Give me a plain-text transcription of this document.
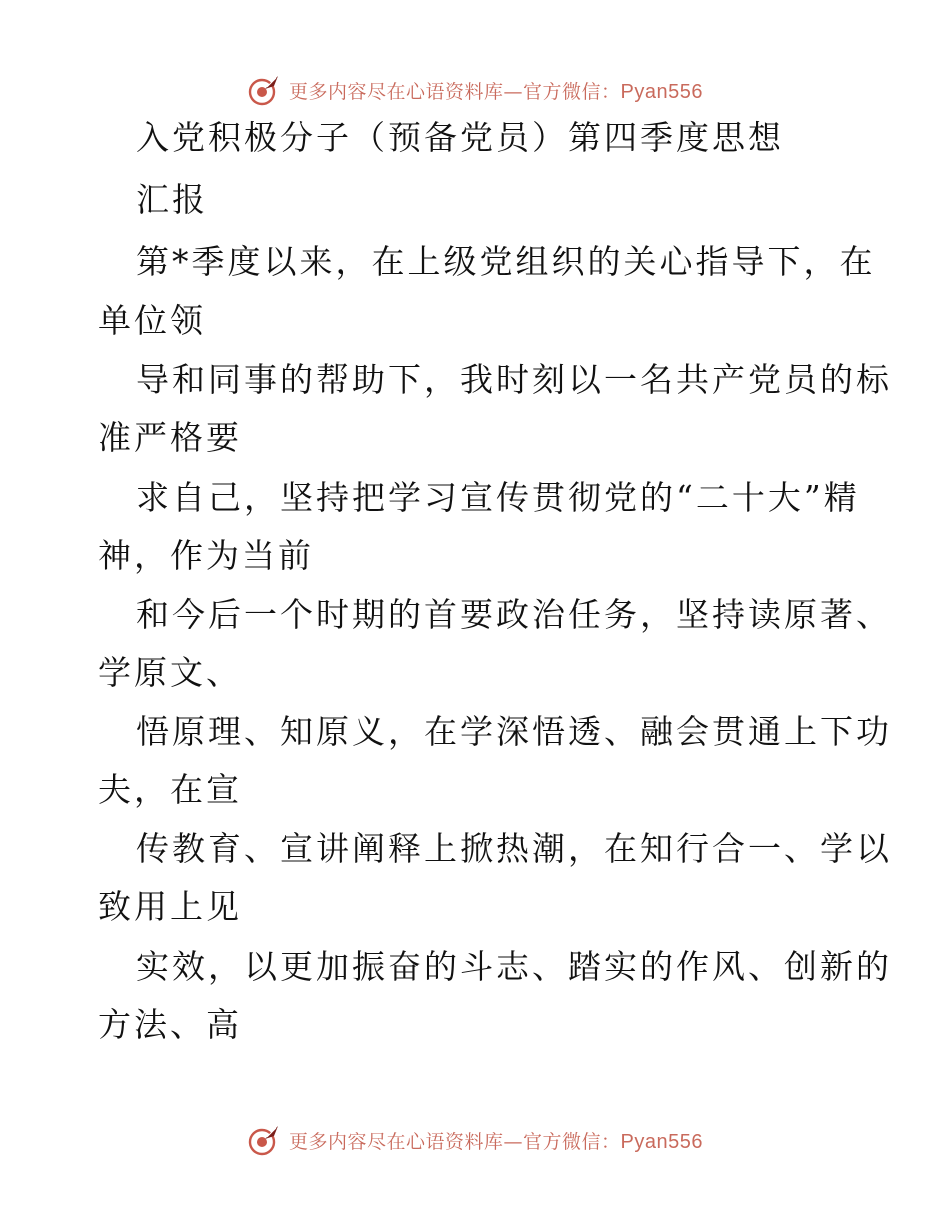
更多内容尽在心语资料库—官方微信：Pyan556
入党积极分子（预备党员）第四季度思想
汇报
第*季度以来，在上级党组织的关心指导下，在
单位领
导和同事的帮助下，我时刻以一名共产党员的标
准严格要
求自己，坚持把学习宣传贯彻党的“二十大”精
神，作为当前
和今后一个时期的首要政治任务，坚持读原著、
学原文、
悟原理、知原义，在学深悟透、融会贯通上下功
夫，在宣
传教育、宣讲阐释上掀热潮，在知行合一、学以
致用上见
实效，以更加振奋的斗志、踏实的作风、创新的
方法、高
更多内容尽在心语资料库—官方微信：Pyan556
